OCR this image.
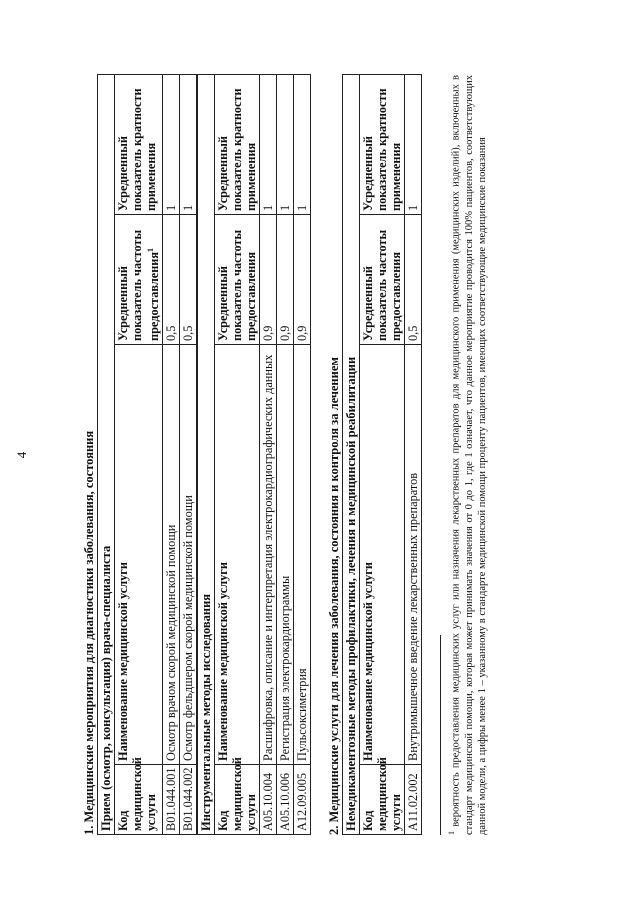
4	1. Медицинские мероприятия для диагностики заболевания, состояния Прием (осмотр, консультация) врача-специалиста			
Код медицинской услуги	Наименование медицинской услуги	Усредненный показатель частоты предоставления$^1$	Усредненный показатель кратности применения
B01.044.001	Осмотр врачом скорой медицинской помощи	0,5	1
B01.044.002	Осмотр фельдшером скорой медицинской помощи	0,5	1
Инструментальные методы исследования			
Код медицинской услуги	Наименование медицинской услуги	Усредненный показатель частоты предоставления	Усредненный показатель кратности применения
A05.10.004	Расшифровка, описание и интерпретация электрокардиографических данных	0,9	1
A05.10.006	Регистрация электрокардиограммы	0,9	1
A12.09.005	Пульсоксиметрия	0,9	1

2. Медицинские услуги для лечения заболевания, состояния и контроля за лечением Немедикаментозные методы профилактики, лечения и медицинской реабилитации			
Код медицинской услуги	Наименование медицинской услуги	Усредненный показатель частоты предоставления	Усредненный показатель кратности применения
A11.02.002	Внутримышечное введение лекарственных препаратов	0,5	1
$^1$ вероятность предоставления медицинских услуг или назначения лекарственных препаратов для медицинского применения (медицинских изделий), включенных в стандарт медицинской помощи, которая может принимать значения от 0 до 1, где 1 означает, что данное мероприятие проводится 100% пациентов, соответствующих данной модели, а цифры менее 1 – указанному в стандарте медицинской помощи проценту пациентов, имеющих соответствующие медицинские показания
